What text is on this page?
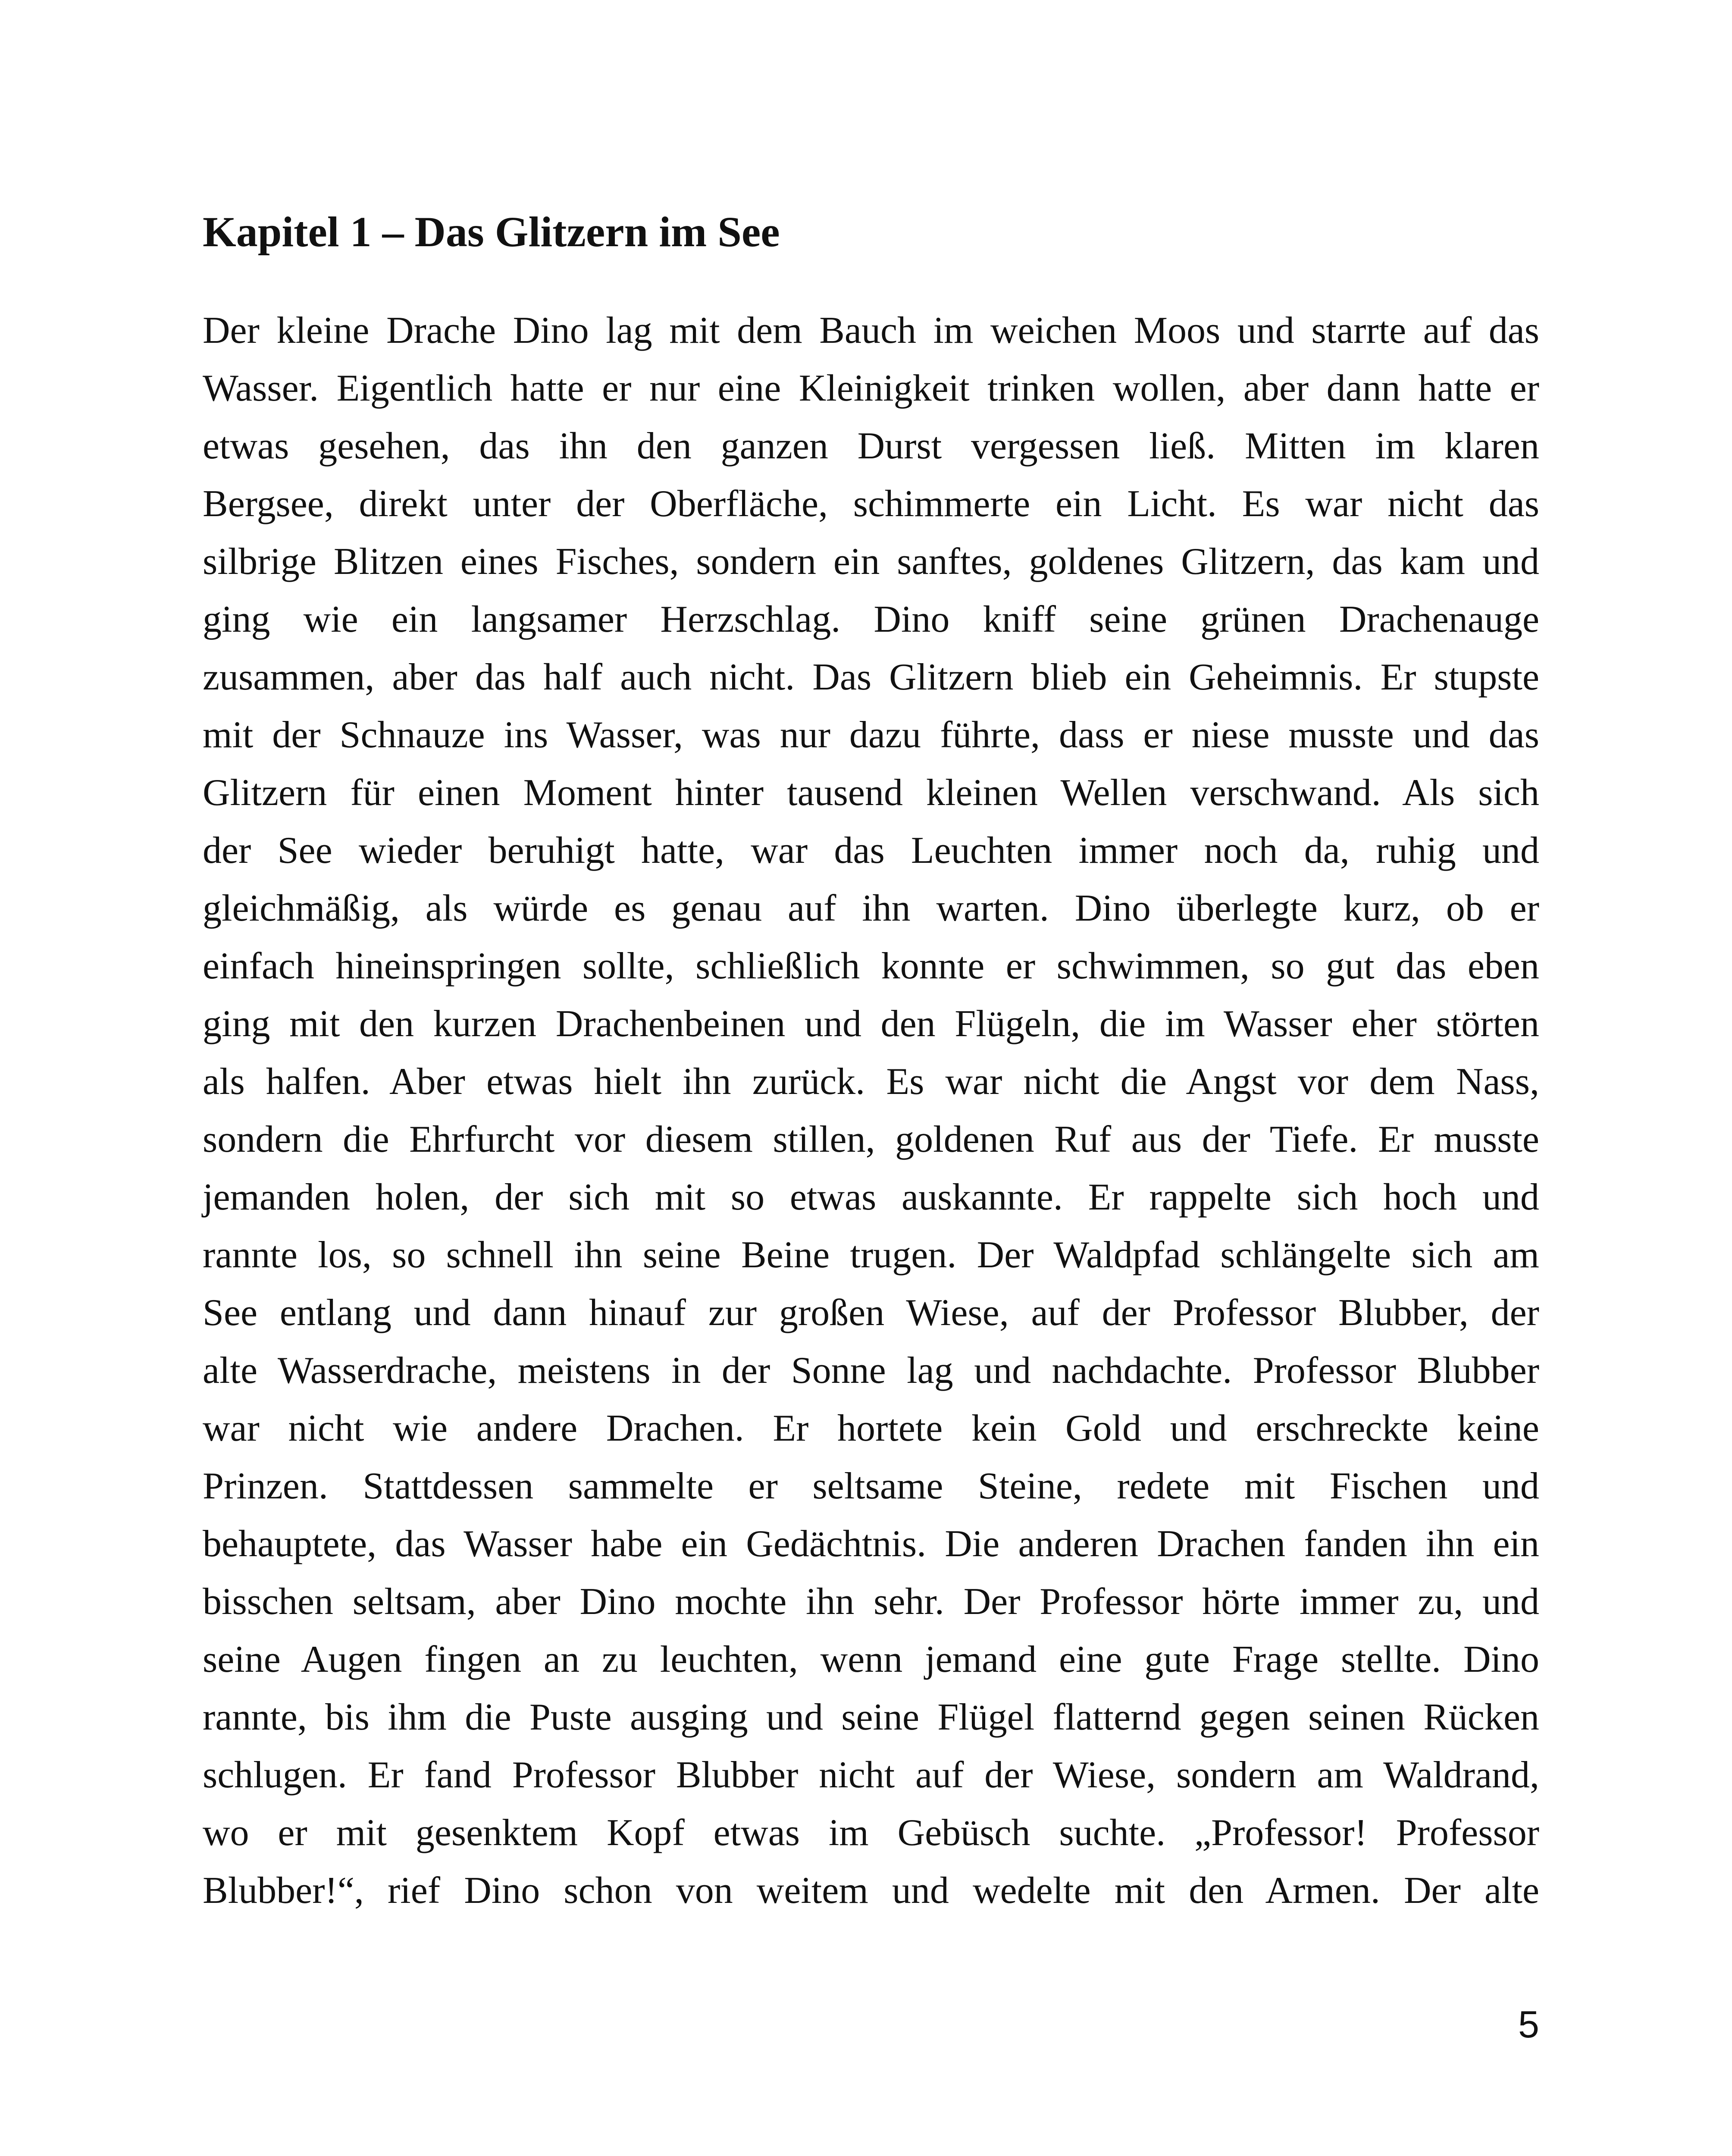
Kapitel 1 – Das Glitzern im See
Der kleine Drache Dino lag mit dem Bauch im weichen Moos und starrte auf das
Wasser. Eigentlich hatte er nur eine Kleinigkeit trinken wollen, aber dann hatte er
etwas gesehen, das ihn den ganzen Durst vergessen ließ. Mitten im klaren
Bergsee, direkt unter der Oberfläche, schimmerte ein Licht. Es war nicht das
silbrige Blitzen eines Fisches, sondern ein sanftes, goldenes Glitzern, das kam und
ging wie ein langsamer Herzschlag. Dino kniff seine grünen Drachenauge
zusammen, aber das half auch nicht. Das Glitzern blieb ein Geheimnis. Er stupste
mit der Schnauze ins Wasser, was nur dazu führte, dass er niese musste und das
Glitzern für einen Moment hinter tausend kleinen Wellen verschwand. Als sich
der See wieder beruhigt hatte, war das Leuchten immer noch da, ruhig und
gleichmäßig, als würde es genau auf ihn warten. Dino überlegte kurz, ob er
einfach hineinspringen sollte, schließlich konnte er schwimmen, so gut das eben
ging mit den kurzen Drachenbeinen und den Flügeln, die im Wasser eher störten
als halfen. Aber etwas hielt ihn zurück. Es war nicht die Angst vor dem Nass,
sondern die Ehrfurcht vor diesem stillen, goldenen Ruf aus der Tiefe. Er musste
jemanden holen, der sich mit so etwas auskannte. Er rappelte sich hoch und
rannte los, so schnell ihn seine Beine trugen. Der Waldpfad schlängelte sich am
See entlang und dann hinauf zur großen Wiese, auf der Professor Blubber, der
alte Wasserdrache, meistens in der Sonne lag und nachdachte. Professor Blubber
war nicht wie andere Drachen. Er hortete kein Gold und erschreckte keine
Prinzen. Stattdessen sammelte er seltsame Steine, redete mit Fischen und
behauptete, das Wasser habe ein Gedächtnis. Die anderen Drachen fanden ihn ein
bisschen seltsam, aber Dino mochte ihn sehr. Der Professor hörte immer zu, und
seine Augen fingen an zu leuchten, wenn jemand eine gute Frage stellte. Dino
rannte, bis ihm die Puste ausging und seine Flügel flatternd gegen seinen Rücken
schlugen. Er fand Professor Blubber nicht auf der Wiese, sondern am Waldrand,
wo er mit gesenktem Kopf etwas im Gebüsch suchte. „Professor! Professor
Blubber!“, rief Dino schon von weitem und wedelte mit den Armen. Der alte
5
